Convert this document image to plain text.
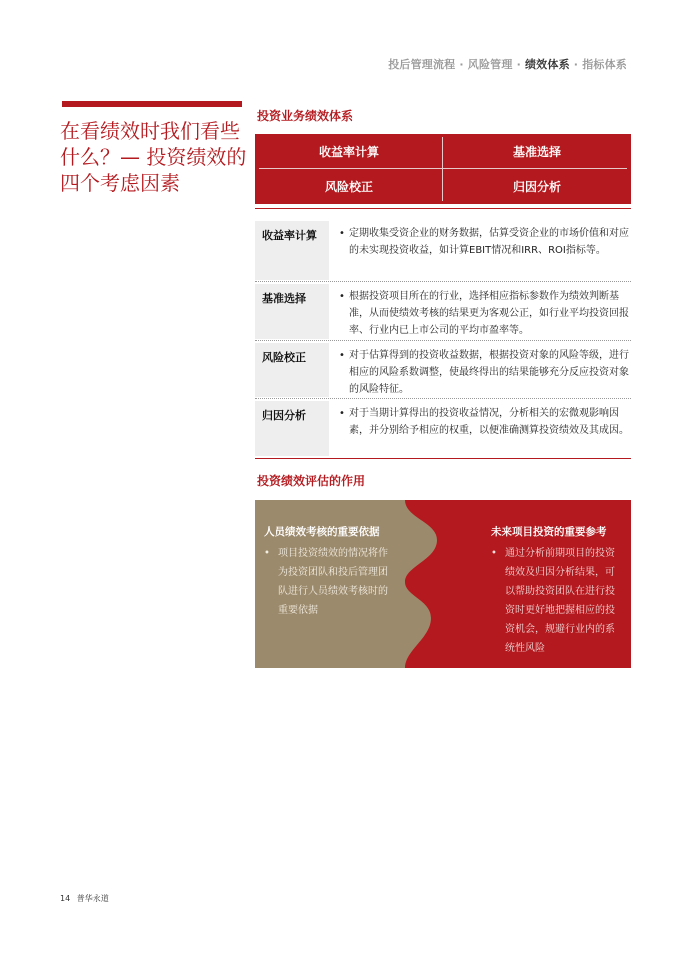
投后管理流程 · 风险管理 · 绩效体系 · 指标体系
在看绩效时我们看些什么？— 投资绩效的四个考虑因素
投资业务绩效体系
收益率计算	基准选择
风险校正	归因分析
收益率计算	• 定期收集受资企业的财务数据，估算受资企业的市场价值和对应的未实现投资收益，如计算EBIT情况和IRR、ROI指标等。
基准选择	• 根据投资项目所在的行业，选择相应指标参数作为绩效判断基准，从而使绩效考核的结果更为客观公正，如行业平均投资回报率、行业内已上市公司的平均市盈率等。
风险校正	• 对于估算得到的投资收益数据，根据投资对象的风险等级，进行相应的风险系数调整，使最终得出的结果能够充分反应投资对象的风险特征。
归因分析	• 对于当期计算得出的投资收益情况，分析相关的宏微观影响因素，并分别给予相应的权重，以便准确测算投资绩效及其成因。
投资绩效评估的作用
人员绩效考核的重要依据
• 项目投资绩效的情况将作为投资团队和投后管理团队进行人员绩效考核时的重要依据
未来项目投资的重要参考
• 通过分析前期项目的投资绩效及归因分析结果，可以帮助投资团队在进行投资时更好地把握相应的投资机会，规避行业内的系统性风险
14 普华永道
